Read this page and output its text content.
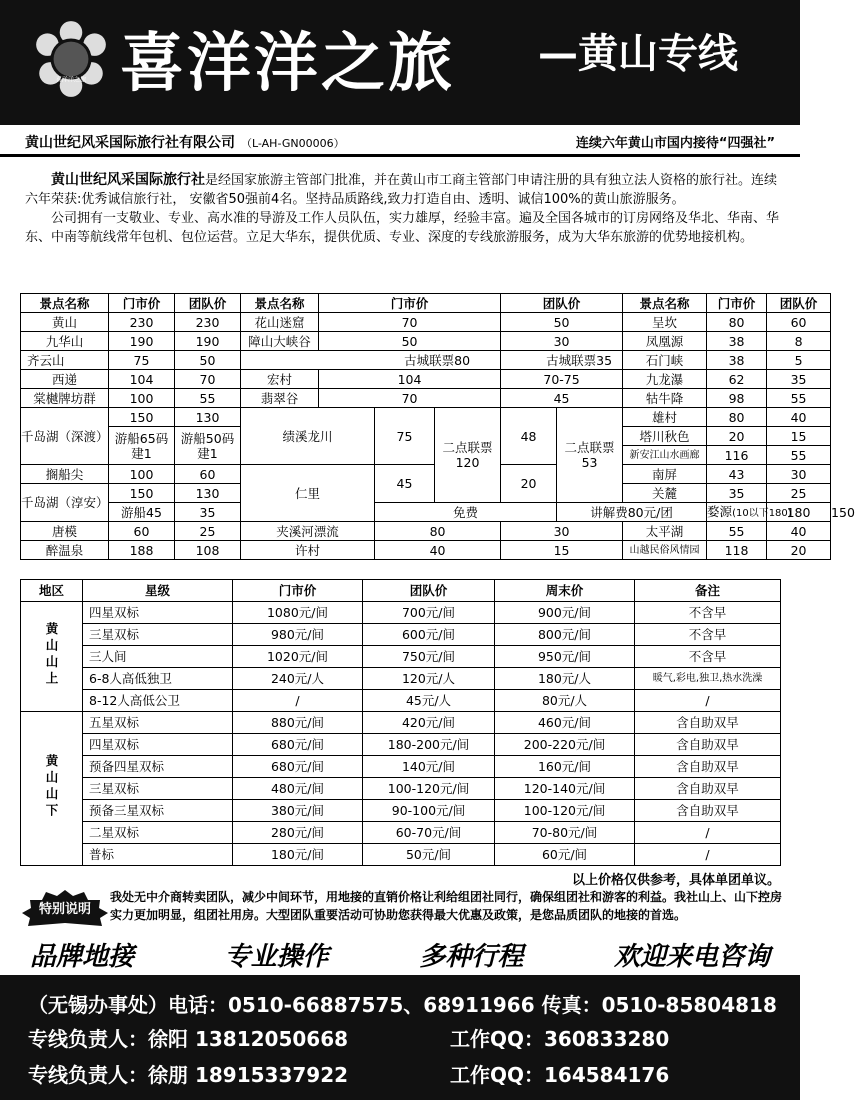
喜洋洋之旅 喜洋洋之旅 —黄山专线
黄山世纪风采国际旅行社有限公司 （L-AH-GN00006）	连续六年黄山市国内接待“四强社”

黄山世纪风采国际旅行社是经国家旅游主管部门批准，并在黄山市工商主管部门申请注册的具有独立法人资格的旅行社。连续六年荣获:优秀诚信旅行社， 安徽省50强前4名。坚持品质路线,致力打造自由、透明、诚信100%的黄山旅游服务。

公司拥有一支敬业、专业、高水准的导游及工作人员队伍，实力雄厚，经验丰富。遍及全国各城市的订房网络及华北、华南、华东、中南等航线常年包机、包位运营。立足大华东，提供优质、专业、深度的专线旅游服务，成为大华东旅游的优势地接机构。

景点名称	门市价	团队价	景点名称	门市价			团队价		景点名称	门市价	团队价	
黄山	230	230	花山迷窟	70			50		呈坎	80	60	
九华山	190	190	障山大峡谷	50			30		凤凰源	38	8	
齐云山	75	50	古城联票80				古城联票35		石门峡	38	5	
西递	104	70	宏村	104			70-75		九龙瀑	62	35	
棠樾牌坊群	100	55	翡翠谷	70			45		牯牛降	98	55	
千岛湖（深渡）	150	130	绩溪龙川		75	二点联票120	48	二点联票53	雄村	80	40	
	游船65码建1	游船50码建1							塔川秋色	20	15	
									新安江山水画廊	116	55	
搁船尖	100	60	仁里		45		20		南屏	43	30	
千岛湖（淳安）	150	130							关麓	35	25	
	游船45	35			免费			讲解费80元/团		婺源(10以下180)	180	150
唐模	60	25	夹溪河漂流		80		30		太平湖	55	40	
醉温泉	188	108	许村		40		15		山越民俗风情园	118	20	
地区	星级	门市价	团队价	周末价	备注
黄山山上	四星双标	1080元/间	700元/间	900元/间	不含早
	三星双标	980元/间	600元/间	800元/间	不含早
	三人间	1020元/间	750元/间	950元/间	不含早
	6-8人高低独卫	240元/人	120元/人	180元/人	暖气,彩电,独卫,热水洗澡
	8-12人高低公卫	/	45元/人	80元/人	/
黄山山下	五星双标	880元/间	420元/间	460元/间	含自助双早
	四星双标	680元/间	180-200元/间	200-220元/间	含自助双早
	预备四星双标	680元/间	140元/间	160元/间	含自助双早
	三星双标	480元/间	100-120元/间	120-140元/间	含自助双早
	预备三星双标	380元/间	90-100元/间	100-120元/间	含自助双早
	二星双标	280元/间	60-70元/间	70-80元/间	/
	普标	180元/间	50元/间	60元/间	/
以上价格仅供参考，具体单团单议。
特别说明
我处无中介商转卖团队，减少中间环节，用地接的直销价格让利给组团社同行，确保组团社和游客的利益。我社山上、山下控房实力更加明显，组团社用房。大型团队重要活动可协助您获得最大优惠及政策，是您品质团队的地接的首选。
品牌地接	专业操作	多种行程	欢迎来电咨询
（无锡办事处）电话：0510-66887575、68911966 传真：0510-85804818
专线负责人：徐阳 13812050668	工作QQ：360833280
专线负责人：徐朋 18915337922	工作QQ：164584176
